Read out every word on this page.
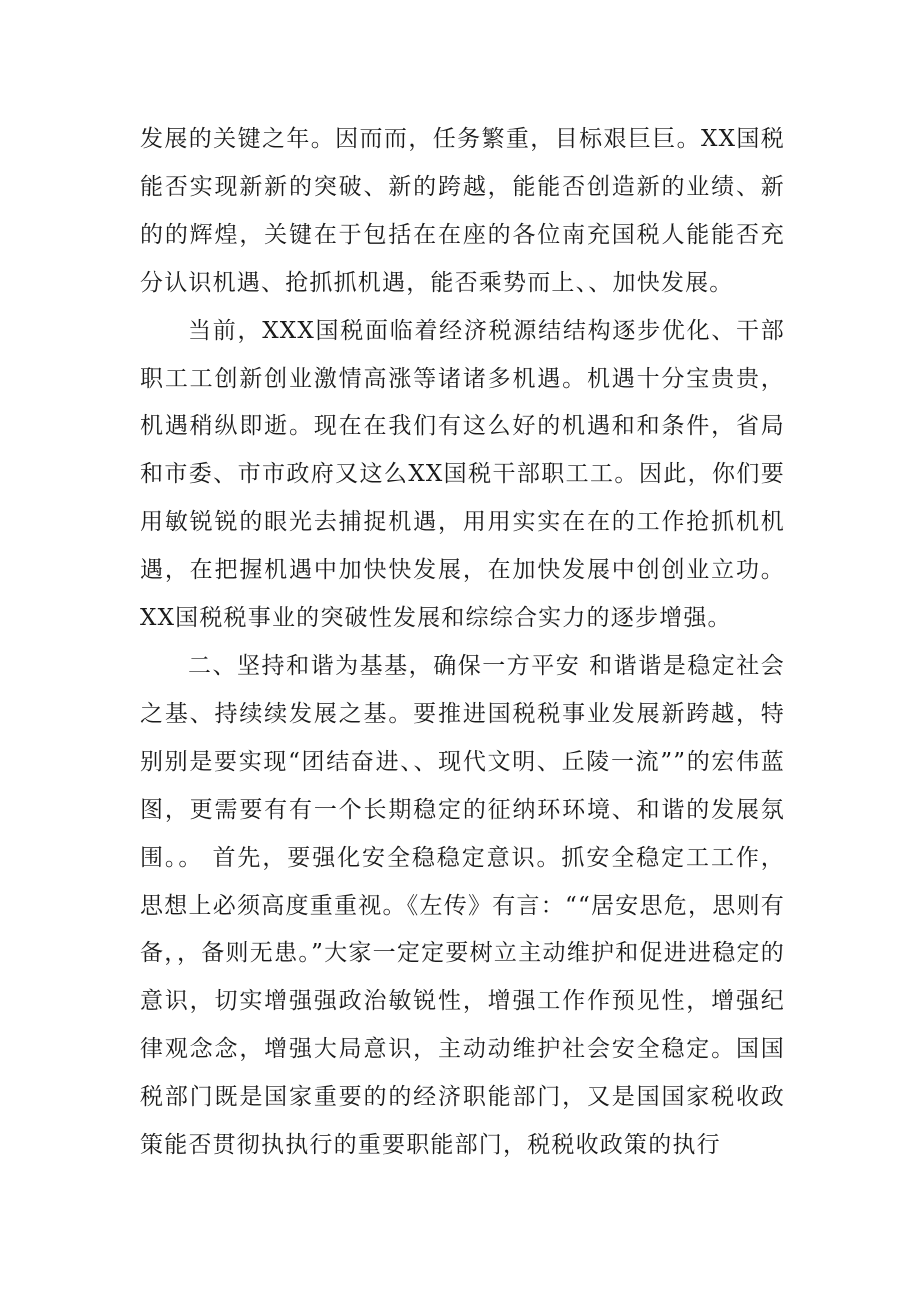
发展的关键之年。因而而，任务繁重，目标艰巨巨。XX国税能否实现新新的突破、新的跨越，能能否创造新的业绩、新的的辉煌，关键在于包括在在座的各位南充国税人能能否充分认识机遇、抢抓抓机遇，能否乘势而上、、加快发展。

当前，XXX国税面临着经济税源结结构逐步优化、干部职工工创新创业激情高涨等诸诸多机遇。机遇十分宝贵贵，机遇稍纵即逝。现在在我们有这么好的机遇和和条件，省局和市委、市市政府又这么XX国税干部职工工。因此，你们要用敏锐锐的眼光去捕捉机遇，用用实实在在的工作抢抓机机遇，在把握机遇中加快快发展，在加快发展中创创业立功。XX国税税事业的突破性发展和综综合实力的逐步增强。

二、坚持和谐为基基，确保一方平安 和谐谐是稳定社会之基、持续续发展之基。要推进国税税事业发展新跨越，特别别是要实现“团结奋进、、现代文明、丘陵一流””的宏伟蓝图，更需要有有一个长期稳定的征纳环环境、和谐的发展氛围。。 首先，要强化安全稳稳定意识。抓安全稳定工工作，思想上必须高度重重视。《左传》有言：““居安思危，思则有备，，备则无患。”大家一定定要树立主动维护和促进进稳定的意识，切实增强强政治敏锐性，增强工作作预见性，增强纪律观念念，增强大局意识，主动动维护社会安全稳定。国国税部门既是国家重要的的经济职能部门，又是国国家税收政策能否贯彻执执行的重要职能部门，税税收政策的执行
